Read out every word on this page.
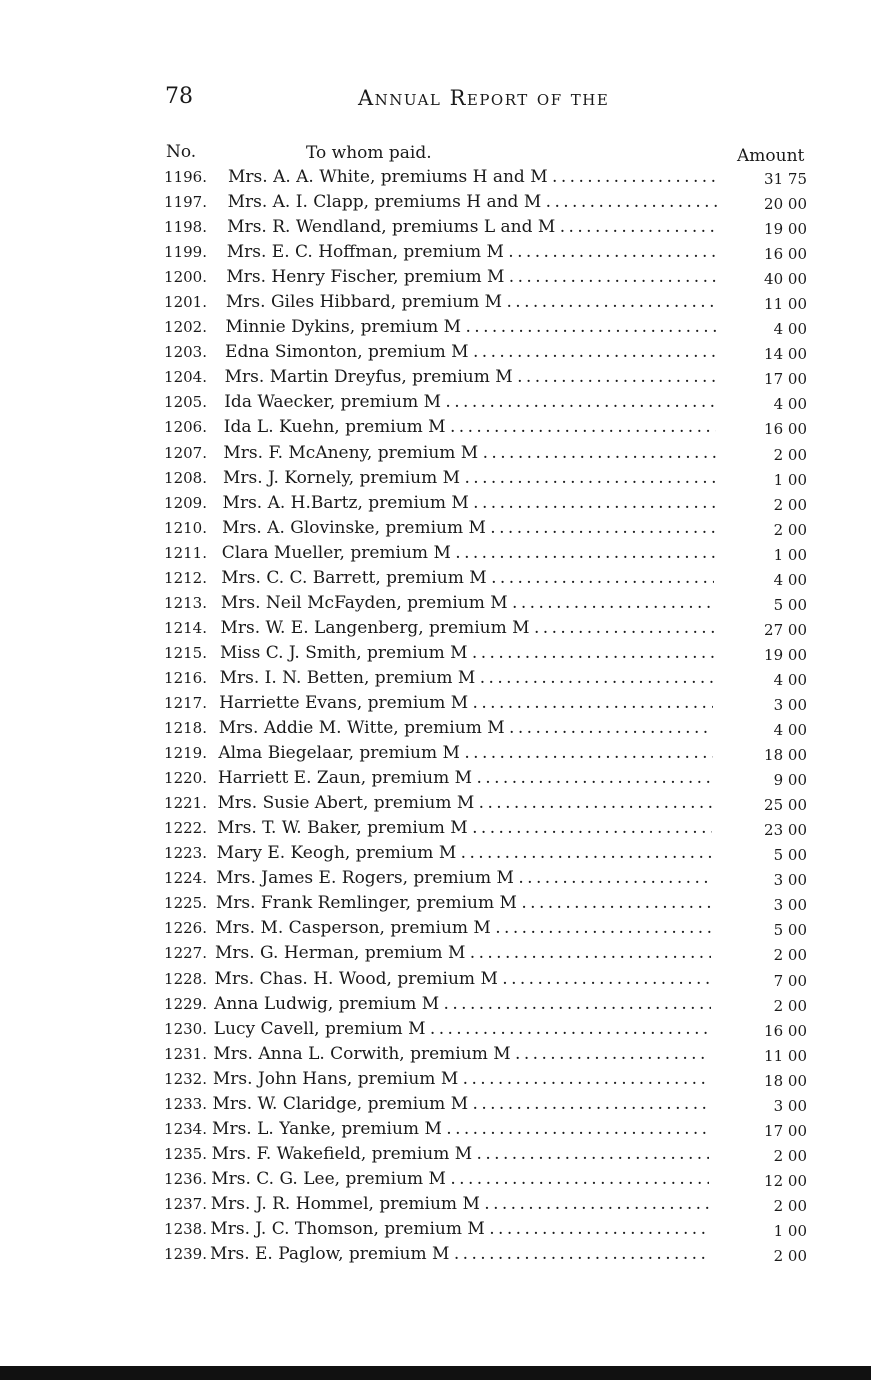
78	Annual Report of the
No.	To whom paid.	Amount
1196. Mrs. A. A. White, premiums H and M . . .	31 75
1197. Mrs. A. I. Clapp, premiums H and M . . .	20 00
1198. Mrs. R. Wendland, premiums L and M . . .	19 00
1199. Mrs. E. C. Hoffman, premium M . . .	16 00
1200. Mrs. Henry Fischer, premium M . . .	40 00
1201. Mrs. Giles Hibbard, premium M . . .	11 00
1202. Minnie Dykins, premium M . . .	4 00
1203. Edna Simonton, premium M . . .	14 00
1204. Mrs. Martin Dreyfus, premium M . . .	17 00
1205. Ida Waecker, premium M . . .	4 00
1206. Ida L. Kuehn, premium M . . .	16 00
1207. Mrs. F. McAneny, premium M . . .	2 00
1208. Mrs. J. Kornely, premium M . . .	1 00
1209. Mrs. A. H.Bartz, premium M . . .	2 00
1210. Mrs. A. Glovinske, premium M . . .	2 00
1211. Clara Mueller, premium M . . .	1 00
1212. Mrs. C. C. Barrett, premium M . . .	4 00
1213. Mrs. Neil McFayden, premium M . . .	5 00
1214. Mrs. W. E. Langenberg, premium M . . .	27 00
1215. Miss C. J. Smith, premium M . . .	19 00
1216. Mrs. I. N. Betten, premium M . . .	4 00
1217. Harriette Evans, premium M . . .	3 00
1218. Mrs. Addie M. Witte, premium M . . .	4 00
1219. Alma Biegelaar, premium M . . .	18 00
1220. Harriett E. Zaun, premium M . . .	9 00
1221. Mrs. Susie Abert, premium M . . .	25 00
1222. Mrs. T. W. Baker, premium M . . .	23 00
1223. Mary E. Keogh, premium M . . .	5 00
1224. Mrs. James E. Rogers, premium M . . .	3 00
1225. Mrs. Frank Remlinger, premium M . . .	3 00
1226. Mrs. M. Casperson, premium M . . .	5 00
1227. Mrs. G. Herman, premium M . . .	2 00
1228. Mrs. Chas. H. Wood, premium M . . .	7 00
1229. Anna Ludwig, premium M . . .	2 00
1230. Lucy Cavell, premium M . . .	16 00
1231. Mrs. Anna L. Corwith, premium M . . .	11 00
1232. Mrs. John Hans, premium M . . .	18 00
1233. Mrs. W. Claridge, premium M . . .	3 00
1234. Mrs. L. Yanke, premium M . . .	17 00
1235. Mrs. F. Wakefield, premium M . . .	2 00
1236. Mrs. C. G. Lee, premium M . . .	12 00
1237. Mrs. J. R. Hommel, premium M . . .	2 00
1238. Mrs. J. C. Thomson, premium M . . .	1 00
1239. Mrs. E. Paglow, premium M . . .	2 00
